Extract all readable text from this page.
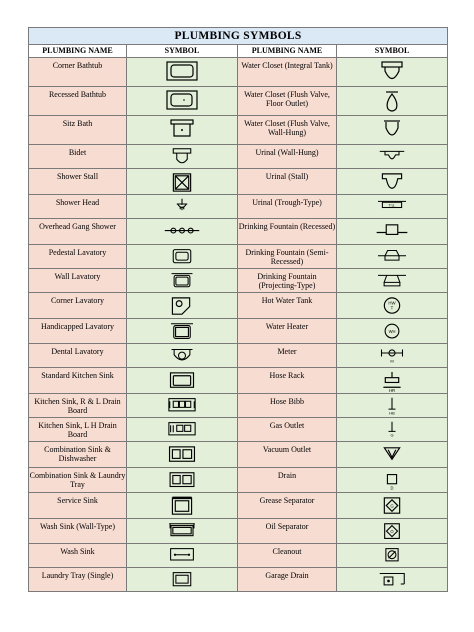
PLUMBING SYMBOLS			
PLUMBING NAME	SYMBOL	PLUMBING NAME	SYMBOL
Corner Bathtub		Water Closet (Integral Tank)	

Recessed Bathtub		Water Closet (Flush Valve, Floor Outlet)	

Sitz Bath		Water Closet (Flush Valve, Wall-Hung)	

Bidet		Urinal (Wall-Hung)	

Shower Stall		Urinal (Stall)	

Shower Head		Urinal (Trough-Type)	T.U.

Overhead Gang Shower		Drinking Fountain (Recessed)	

Pedestal Lavatory		Drinking Fountain (Semi-Recessed)	

Wall Lavatory		Drinking Fountain (Projecting-Type)	

Corner Lavatory		Hot Water Tank	HW
T

Handicapped Lavatory		Water Heater	WH

Dental Lavatory		Meter	M

Standard Kitchen Sink		Hose Rack	HR

Kitchen Sink, R & L Drain Board		Hose Bibb	HB

Kitchen Sink, L H Drain Board		Gas Outlet	G

Combination Sink & Dishwasher		Vacuum Outlet	

Combination Sink & Laundry Tray		Drain	D

Service Sink		Grease Separator	G

Wash Sink (Wall-Type)		Oil Separator	O

Wash Sink		Cleanout	

Laundry Tray (Single)		Garage Drain	
